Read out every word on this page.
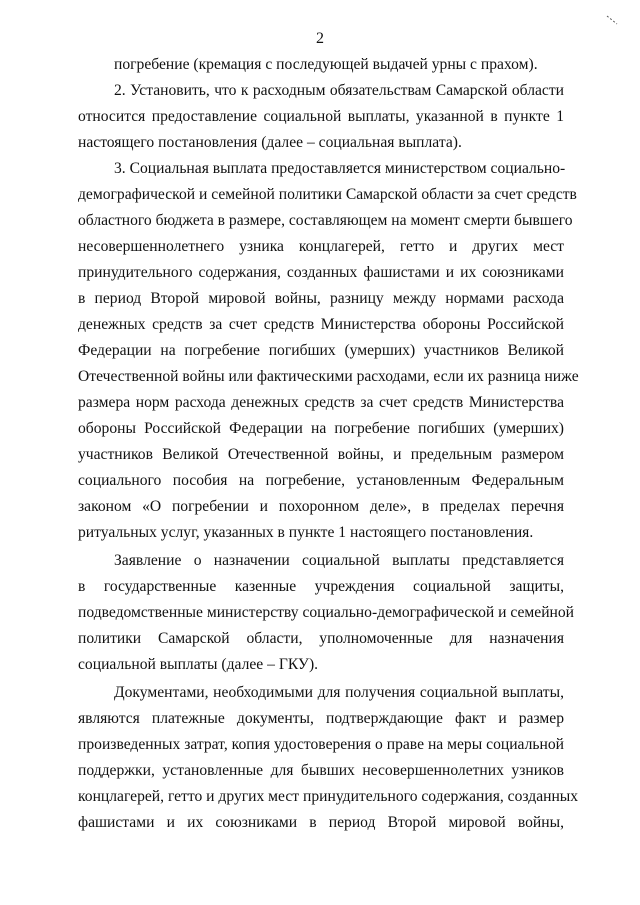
2
погребение (кремация с последующей выдачей урны с прахом).
2. Установить, что к расходным обязательствам Самарской области
относится предоставление социальной выплаты, указанной в пункте 1
настоящего постановления (далее – социальная выплата).
3. Социальная выплата предоставляется министерством социально-
демографической и семейной политики Самарской области за счет средств
областного бюджета в размере, составляющем на момент смерти бывшего
несовершеннолетнего узника концлагерей, гетто и других мест
принудительного содержания, созданных фашистами и их союзниками
в период Второй мировой войны, разницу между нормами расхода
денежных средств за счет средств Министерства обороны Российской
Федерации на погребение погибших (умерших) участников Великой
Отечественной войны или фактическими расходами, если их разница ниже
размера норм расхода денежных средств за счет средств Министерства
обороны Российской Федерации на погребение погибших (умерших)
участников Великой Отечественной войны, и предельным размером
социального пособия на погребение, установленным Федеральным
законом «О погребении и похоронном деле», в пределах перечня
ритуальных услуг, указанных в пункте 1 настоящего постановления.
Заявление о назначении социальной выплаты представляется
в государственные казенные учреждения социальной защиты,
подведомственные министерству социально-демографической и семейной
политики Самарской области, уполномоченные для назначения
социальной выплаты (далее – ГКУ).
Документами, необходимыми для получения социальной выплаты,
являются платежные документы, подтверждающие факт и размер
произведенных затрат, копия удостоверения о праве на меры социальной
поддержки, установленные для бывших несовершеннолетних узников
концлагерей, гетто и других мест принудительного содержания, созданных
фашистами и их союзниками в период Второй мировой войны,
